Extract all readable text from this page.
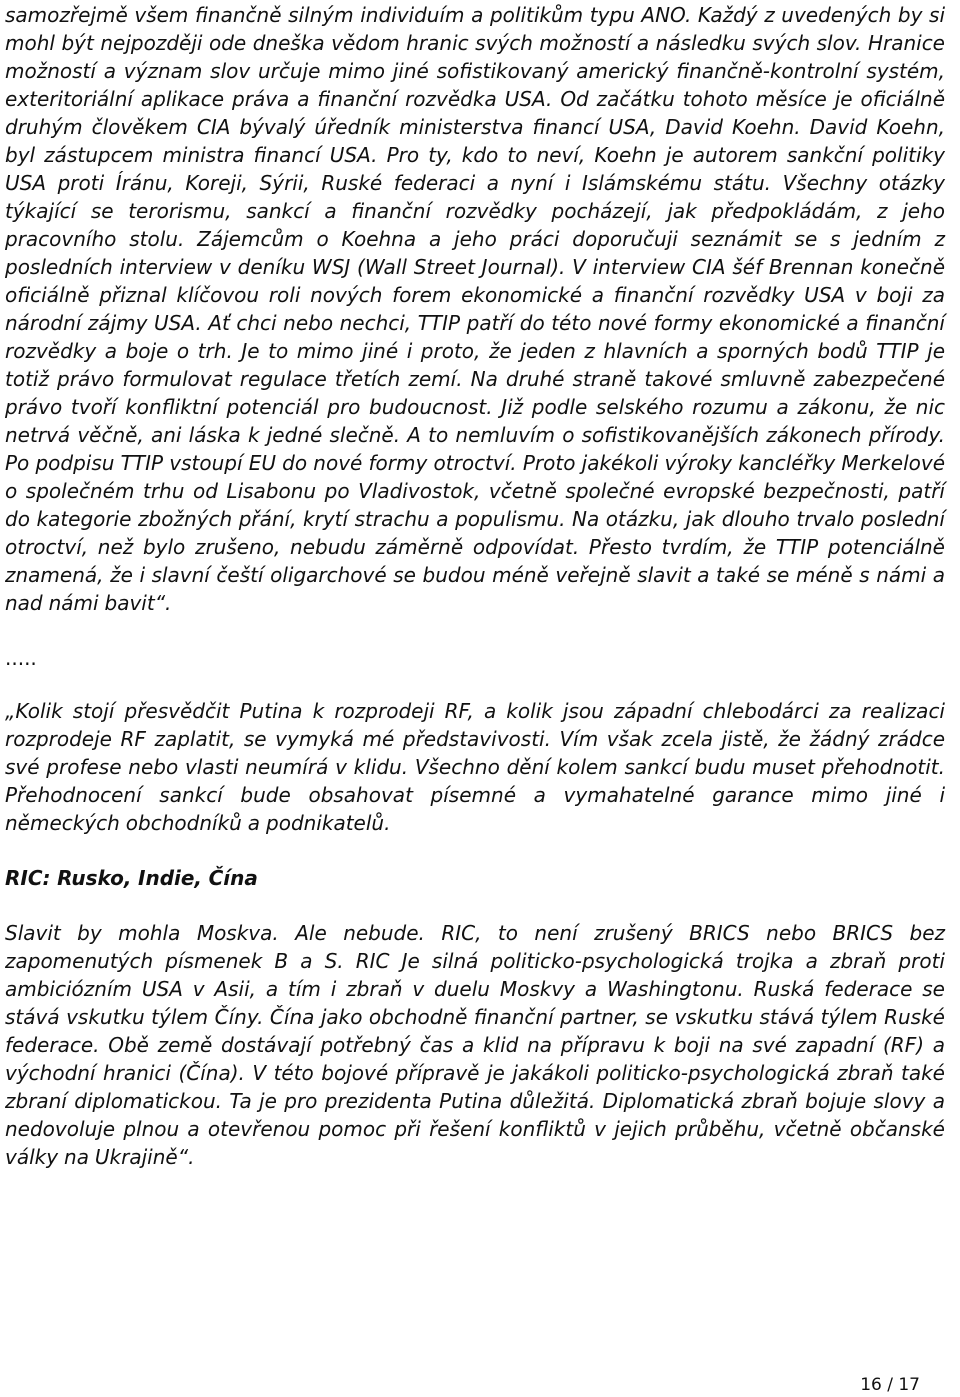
samozřejmě všem finančně silným individuím a politikům typu ANO. Každý z uvedených by si mohl být nejpozději ode dneška vědom hranic svých možností a následku svých slov. Hranice možností a význam slov určuje mimo jiné sofistikovaný americký finančně-kontrolní systém, exteritoriální aplikace práva a finanční rozvědka USA. Od začátku tohoto měsíce je oficiálně druhým člověkem CIA bývalý úředník ministerstva financí USA, David Koehn. David Koehn, byl zástupcem ministra financí USA. Pro ty, kdo to neví, Koehn je autorem sankční politiky USA proti Íránu, Koreji, Sýrii, Ruské federaci a nyní i Islámskému státu. Všechny otázky týkající se terorismu, sankcí a finanční rozvědky pocházejí, jak předpokládám, z jeho pracovního stolu. Zájemcům o Koehna a jeho práci doporučuji seznámit se s jedním z posledních interview v deníku WSJ (Wall Street Journal). V interview CIA šéf Brennan konečně oficiálně přiznal klíčovou roli nových forem ekonomické a finanční rozvědky USA v boji za národní zájmy USA. Ať chci nebo nechci, TTIP patří do této nové formy ekonomické a finanční rozvědky a boje o trh. Je to mimo jiné i proto, že jeden z hlavních a sporných bodů TTIP je totiž právo formulovat regulace třetích zemí. Na druhé straně takové smluvně zabezpečené právo tvoří konfliktní potenciál pro budoucnost. Již podle selského rozumu a zákonu, že nic netrvá věčně, ani láska k jedné slečně. A to nemluvím o sofistikovanějších zákonech přírody. Po podpisu TTIP vstoupí EU do nové formy otroctví. Proto jakékoli výroky kancléřky Merkelové o společném trhu od Lisabonu po Vladivostok, včetně společné evropské bezpečnosti, patří do kategorie zbožných přání, krytí strachu a populismu. Na otázku, jak dlouho trvalo poslední otroctví, než bylo zrušeno, nebudu záměrně odpovídat. Přesto tvrdím, že TTIP potenciálně znamená, že i slavní čeští oligarchové se budou méně veřejně slavit a také se méně s námi a nad námi bavit“.

.....

„Kolik stojí přesvědčit Putina k rozprodeji RF, a kolik jsou západní chlebodárci za realizaci rozprodeje RF zaplatit, se vymyká mé představivosti. Vím však zcela jistě, že žádný zrádce své profese nebo vlasti neumírá v klidu. Všechno dění kolem sankcí budu muset přehodnotit. Přehodnocení sankcí bude obsahovat písemné a vymahatelné garance mimo jiné i německých obchodníků a podnikatelů.

RIC: Rusko, Indie, Čína

Slavit by mohla Moskva. Ale nebude. RIC, to není zrušený BRICS nebo BRICS bez zapomenutých písmenek B a S. RIC Je silná politicko-psychologická trojka a zbraň proti ambiciózním USA v Asii, a tím i zbraň v duelu Moskvy a Washingtonu. Ruská federace se stává vskutku týlem Číny. Čína jako obchodně finanční partner, se vskutku stává týlem Ruské federace. Obě země dostávají potřebný čas a klid na přípravu k boji na své zapadní (RF) a východní hranici (Čína). V této bojové přípravě je jakákoli politicko-psychologická zbraň také zbraní diplomatickou. Ta je pro prezidenta Putina důležitá. Diplomatická zbraň bojuje slovy a nedovoluje plnou a otevřenou pomoc při řešení konfliktů v jejich průběhu, včetně občanské války na Ukrajině“.

16 / 17
